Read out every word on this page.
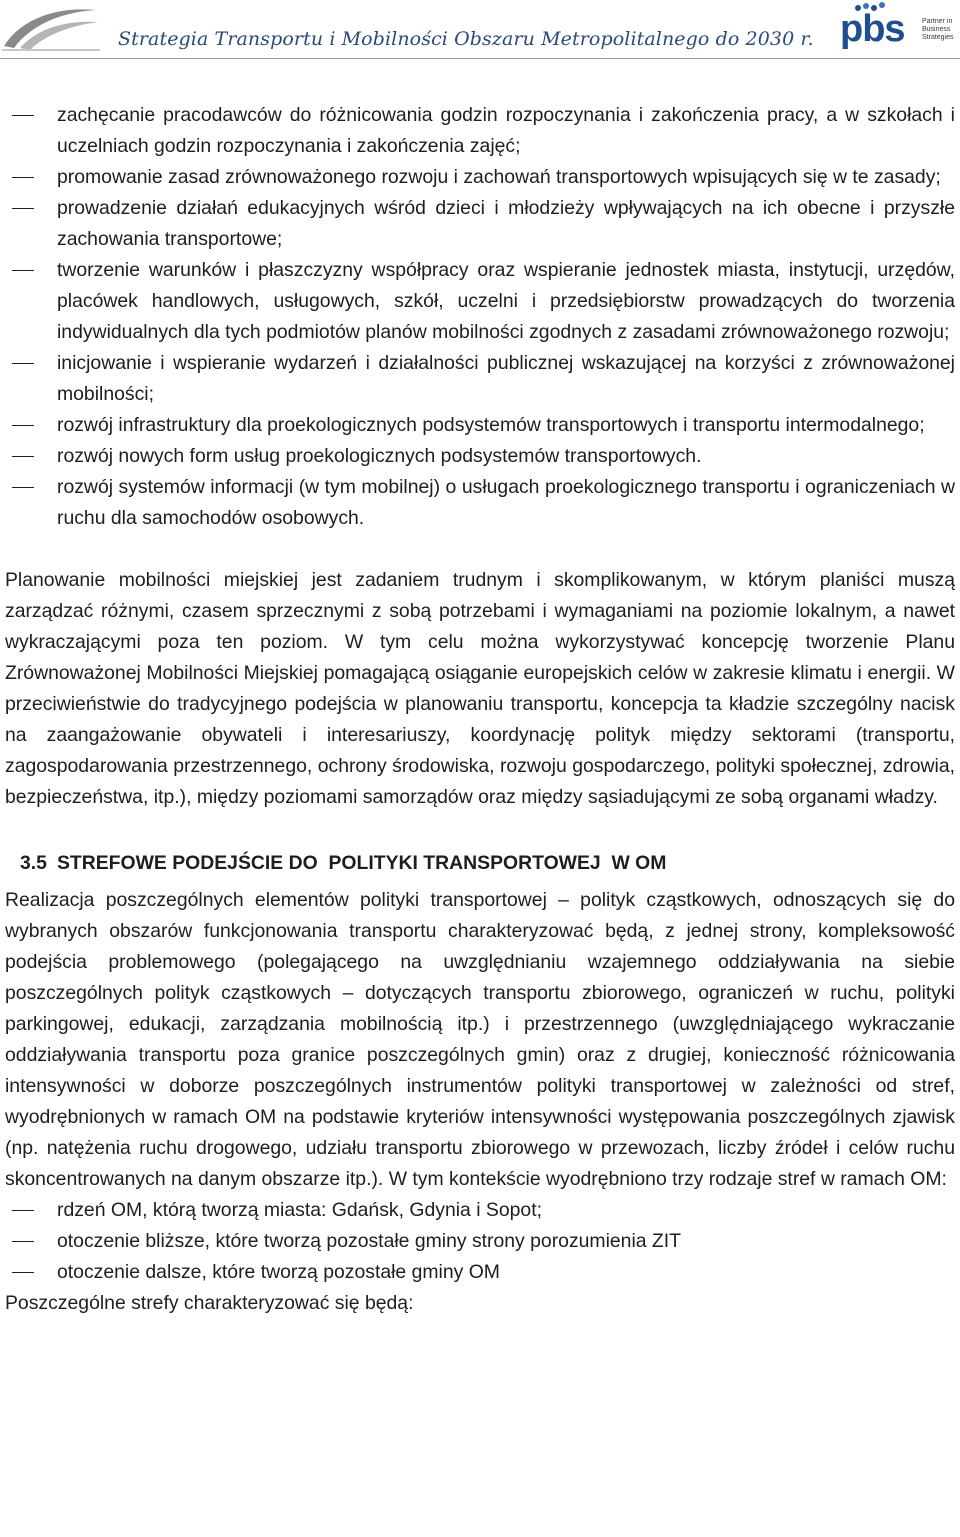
Strategia Transportu i Mobilności Obszaru Metropolitalnego do 2030 r. pbs Partner in
Business
Strategies
zachęcanie pracodawców do różnicowania godzin rozpoczynania i zakończenia pracy, a w szkołach i uczelniach godzin rozpoczynania i zakończenia zajęć;
promowanie zasad zrównoważonego rozwoju i zachowań transportowych wpisujących się w te zasady;
prowadzenie działań edukacyjnych wśród dzieci i młodzieży wpływających na ich obecne i przyszłe zachowania transportowe;
tworzenie warunków i płaszczyzny współpracy oraz wspieranie jednostek miasta, instytucji, urzędów, placówek handlowych, usługowych, szkół, uczelni i przedsiębiorstw prowadzących do tworzenia indywidualnych dla tych podmiotów planów mobilności zgodnych z zasadami zrównoważonego rozwoju;
inicjowanie i wspieranie wydarzeń i działalności publicznej wskazującej na korzyści z zrównoważonej mobilności;
rozwój infrastruktury dla proekologicznych podsystemów transportowych i transportu intermodalnego;
rozwój nowych form usług proekologicznych podsystemów transportowych.
rozwój systemów informacji (w tym mobilnej) o usługach proekologicznego transportu i ograniczeniach w ruchu dla samochodów osobowych.

Planowanie mobilności miejskiej jest zadaniem trudnym i skomplikowanym, w którym planiści muszą zarządzać różnymi, czasem sprzecznymi z sobą potrzebami i wymaganiami na poziomie lokalnym, a nawet wykraczającymi poza ten poziom. W tym celu można wykorzystywać koncepcję tworzenie Planu Zrównoważonej Mobilności Miejskiej pomagającą osiąganie europejskich celów w zakresie klimatu i energii. W przeciwieństwie do tradycyjnego podejścia w planowaniu transportu, koncepcja ta kładzie szczególny nacisk na zaangażowanie obywateli i interesariuszy, koordynację polityk między sektorami (transportu, zagospodarowania przestrzennego, ochrony środowiska, rozwoju gospodarczego, polityki społecznej, zdrowia, bezpieczeństwa, itp.), między poziomami samorządów oraz między sąsiadującymi ze sobą organami władzy.

3.5 STREFOWE PODEJŚCIE DO  POLITYKI TRANSPORTOWEJ  W OM

Realizacja poszczególnych elementów polityki transportowej – polityk cząstkowych, odnoszących się do wybranych obszarów funkcjonowania transportu charakteryzować będą, z jednej strony, kompleksowość podejścia problemowego (polegającego na uwzględnianiu wzajemnego oddziaływania na siebie poszczególnych polityk cząstkowych – dotyczących transportu zbiorowego, ograniczeń w ruchu, polityki parkingowej, edukacji, zarządzania mobilnością itp.) i przestrzennego (uwzględniającego wykraczanie oddziaływania transportu poza granice poszczególnych gmin) oraz z drugiej, konieczność różnicowania intensywności w doborze poszczególnych instrumentów polityki transportowej w zależności od stref, wyodrębnionych w ramach OM na podstawie kryteriów intensywności występowania poszczególnych zjawisk (np. natężenia ruchu drogowego, udziału transportu zbiorowego w przewozach, liczby źródeł i celów ruchu skoncentrowanych na danym obszarze itp.). W tym kontekście wyodrębniono trzy rodzaje stref w ramach OM:

rdzeń OM, którą tworzą miasta: Gdańsk, Gdynia i Sopot;
otoczenie bliższe, które tworzą pozostałe gminy strony porozumienia ZIT
otoczenie dalsze, które tworzą pozostałe gminy OM

Poszczególne strefy charakteryzować się będą:
